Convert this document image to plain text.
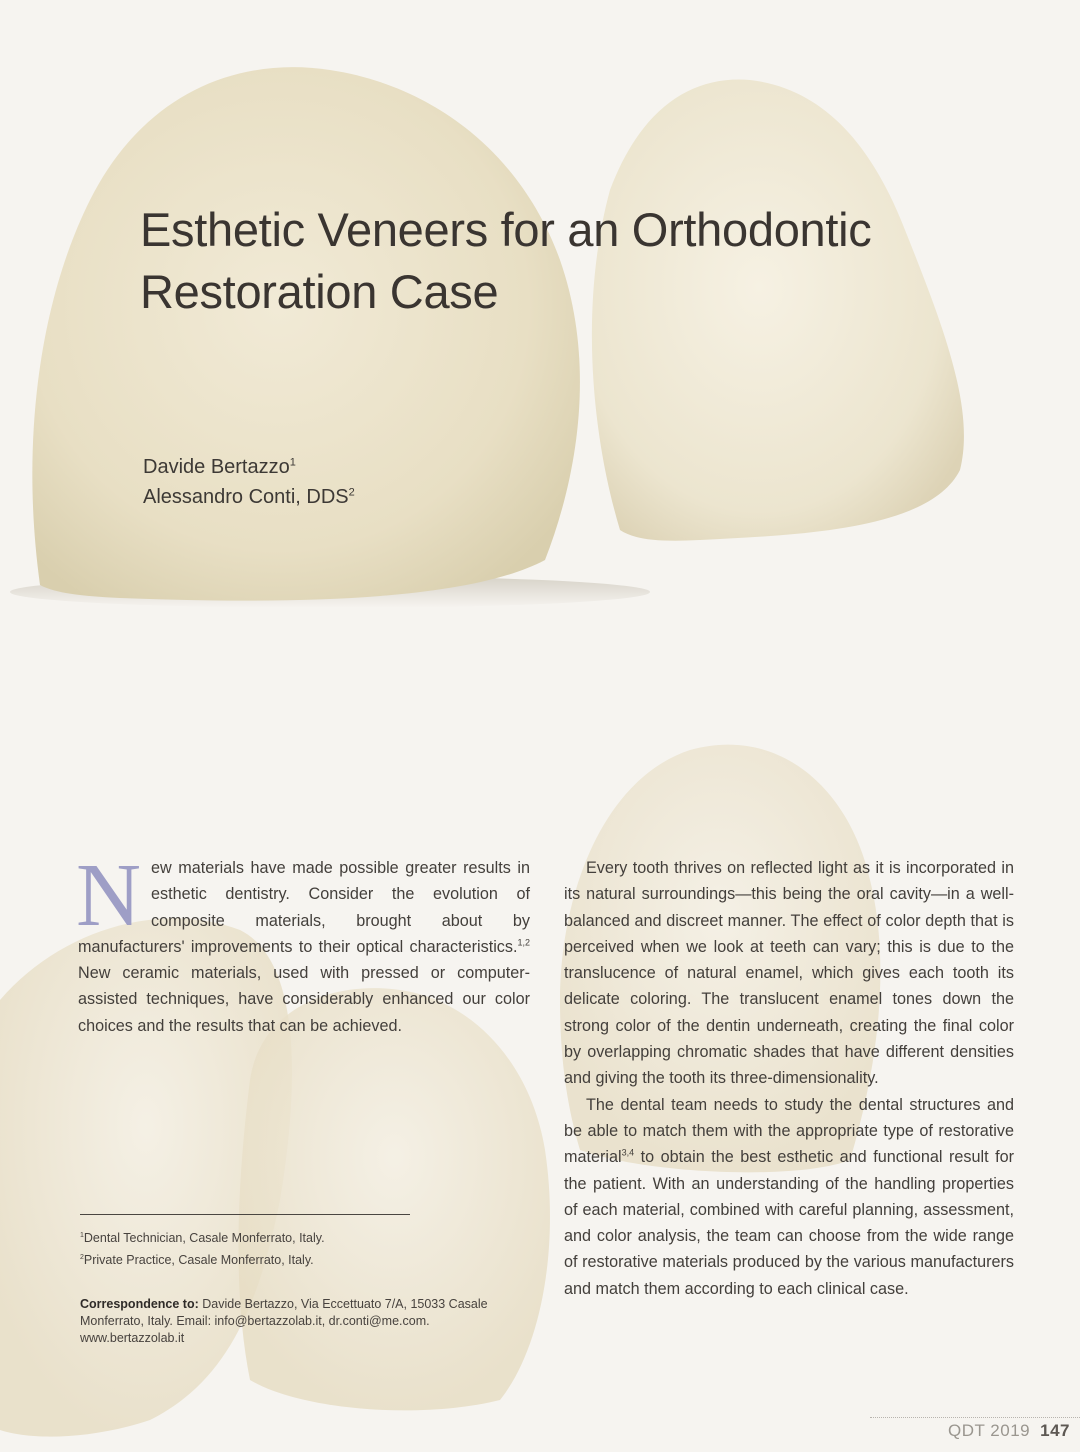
Esthetic Veneers for an Orthodontic
Restoration Case
Davide Bertazzo$^1$
Alessandro Conti, DDS$^2$

New materials have made possible greater results in esthetic dentistry. Consider the evolution of composite materials, brought about by manufacturers' improvements to their optical characteristics.$^{1,2}$ New ceramic materials, used with pressed or computer-assisted techniques, have considerably enhanced our color choices and the results that can be achieved.

Every tooth thrives on reflected light as it is incorporated in its natural surroundings—this being the oral cavity—in a well-balanced and discreet manner. The effect of color depth that is perceived when we look at teeth can vary; this is due to the translucence of natural enamel, which gives each tooth its delicate coloring. The translucent enamel tones down the strong color of the dentin underneath, creating the final color by overlapping chromatic shades that have different densities and giving the tooth its three-dimensionality.

The dental team needs to study the dental structures and be able to match them with the appropriate type of restorative material$^{3,4}$ to obtain the best esthetic and functional result for the patient. With an understanding of the handling properties of each material, combined with careful planning, assessment, and color analysis, the team can choose from the wide range of restorative materials produced by the various manufacturers and match them according to each clinical case.

$^1$Dental Technician, Casale Monferrato, Italy.
$^2$Private Practice, Casale Monferrato, Italy.
Correspondence to: Davide Bertazzo, Via Eccettuato 7/A, 15033 Casale Monferrato, Italy. Email: info@bertazzolab.it, dr.conti@me.com. www.bertazzolab.it
QDT 2019 147
